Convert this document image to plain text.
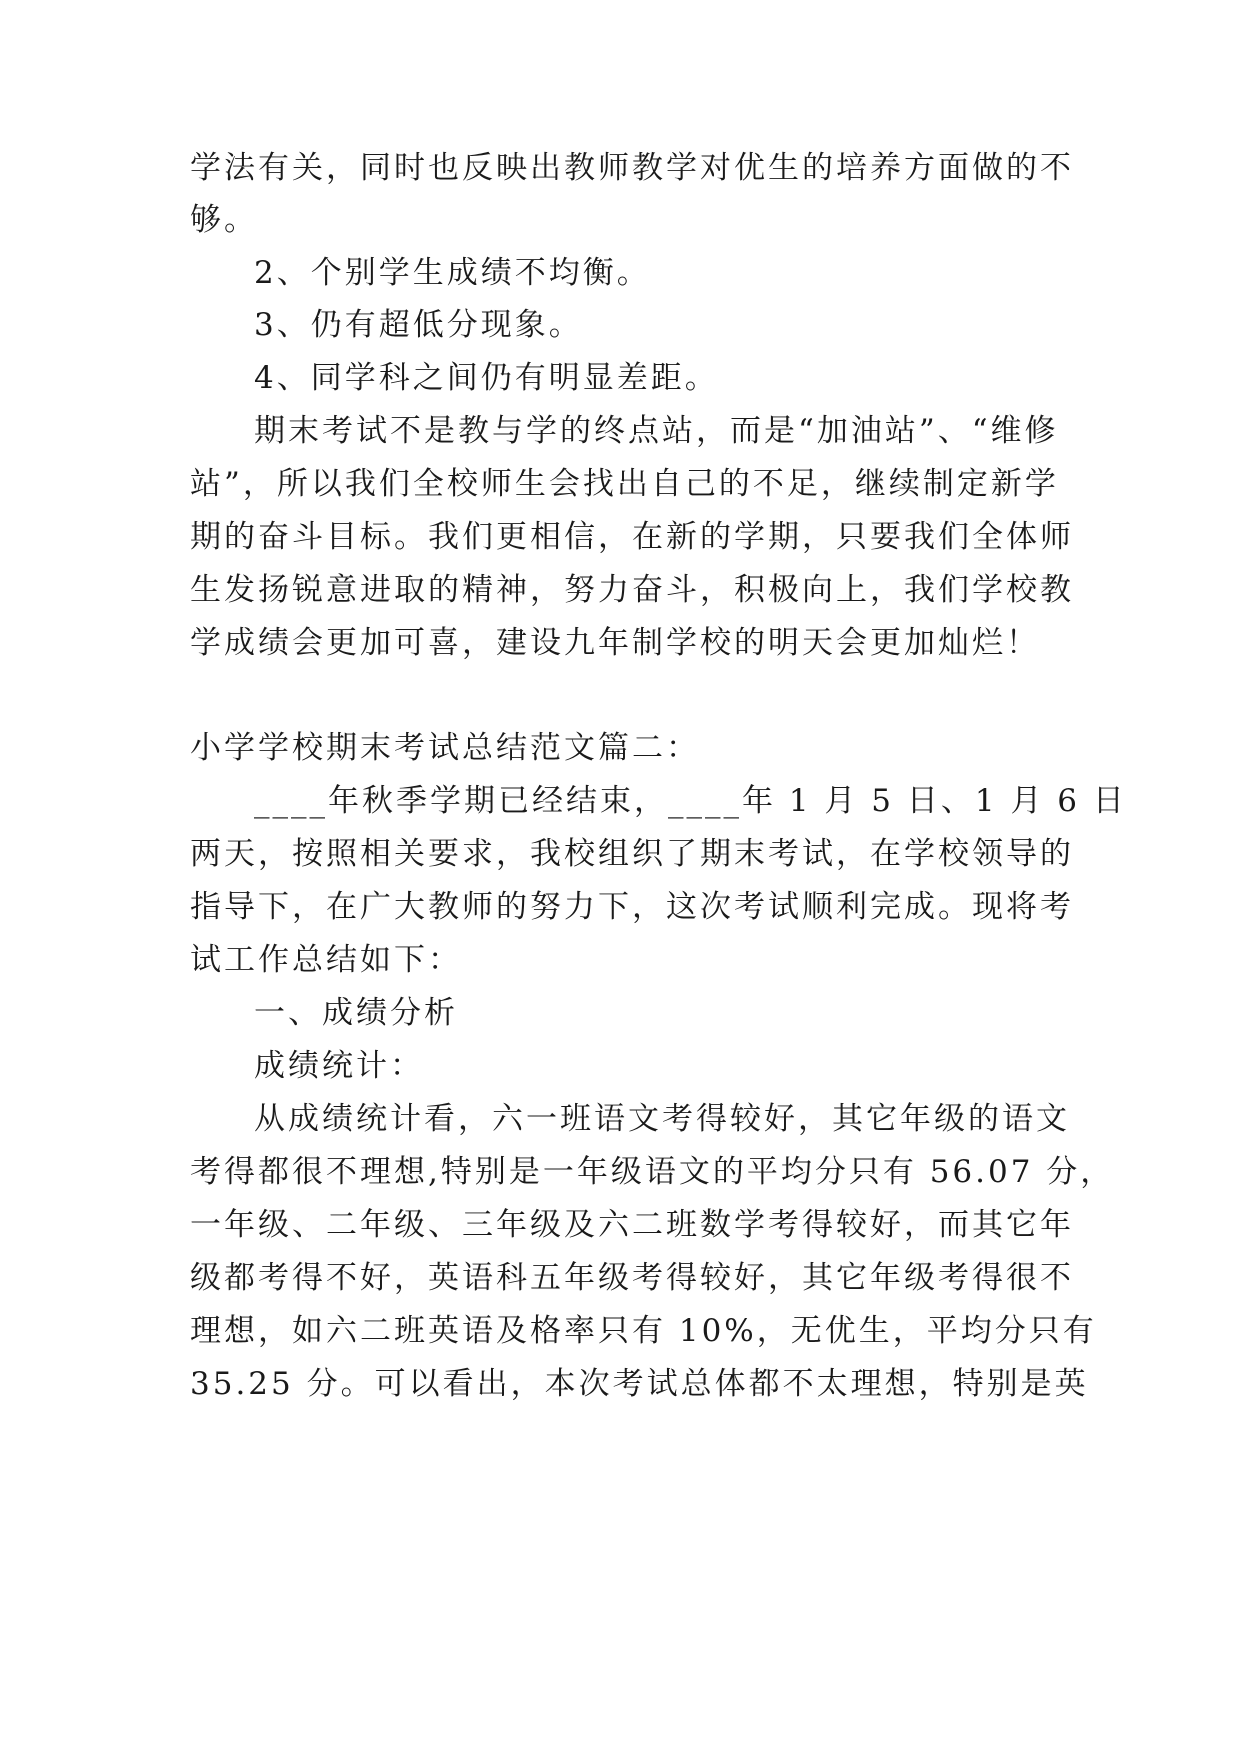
学法有关，同时也反映出教师教学对优生的培养方面做的不
够。
2、个别学生成绩不均衡。
3、仍有超低分现象。
4、同学科之间仍有明显差距。
期末考试不是教与学的终点站，而是“加油站”、“维修
站”，所以我们全校师生会找出自己的不足，继续制定新学
期的奋斗目标。我们更相信，在新的学期，只要我们全体师
生发扬锐意进取的精神，努力奋斗，积极向上，我们学校教
学成绩会更加可喜，建设九年制学校的明天会更加灿烂！
小学学校期末考试总结范文篇二：
____年秋季学期已经结束，____年 1 月 5 日、1 月 6 日
两天，按照相关要求，我校组织了期末考试，在学校领导的
指导下，在广大教师的努力下，这次考试顺利完成。现将考
试工作总结如下：
一、成绩分析
成绩统计：
从成绩统计看，六一班语文考得较好，其它年级的语文
考得都很不理想,特别是一年级语文的平均分只有 56.07 分，
一年级、二年级、三年级及六二班数学考得较好，而其它年
级都考得不好，英语科五年级考得较好，其它年级考得很不
理想，如六二班英语及格率只有 10%，无优生，平均分只有
35.25 分。可以看出，本次考试总体都不太理想，特别是英
